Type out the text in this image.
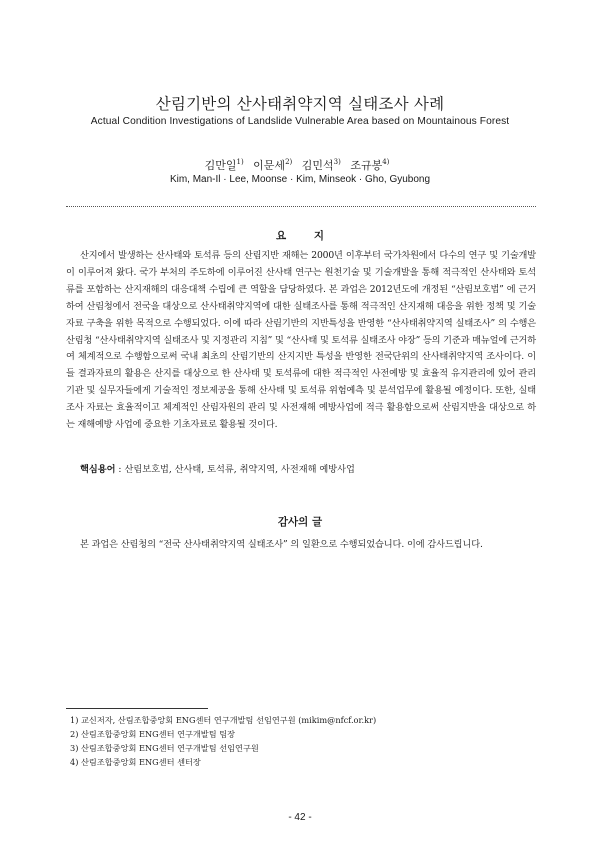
산림기반의 산사태취약지역 실태조사 사례
Actual Condition Investigations of Landslide Vulnerable Area based on Mountainous Forest
김만일$^{1)}$ 이문세$^{2)}$ 김민석$^{3)}$ 조규봉$^{4)}$
Kim, Man-Il · Lee, Moonse · Kim, Minseok · Gho, Gyubong
요 지

산지에서 발생하는 산사태와 토석류 등의 산림지반 재해는 2000년 이후부터 국가차원에서 다수의 연구 및 기술개발이 이루어져 왔다. 국가 부처의 주도하에 이루어진 산사태 연구는 원천기술 및 기술개발을 통해 적극적인 산사태와 토석류를 포함하는 산지재해의 대응대책 수립에 큰 역할을 담당하였다. 본 과업은 2012년도에 개정된 “산림보호법” 에 근거하여 산림청에서 전국을 대상으로 산사태취약지역에 대한 실태조사를 통해 적극적인 산지재해 대응을 위한 정책 및 기술자료 구축을 위한 목적으로 수행되었다. 이에 따라 산림기반의 지반특성을 반영한 “산사태취약지역 실태조사” 의 수행은 산림청 “산사태취약지역 실태조사 및 지정관리 지침” 및 “산사태 및 토석류 실태조사 야장” 등의 기준과 매뉴얼에 근거하여 체계적으로 수행함으로써 국내 최초의 산림기반의 산지지반 특성을 반영한 전국단위의 산사태취약지역 조사이다. 이들 결과자료의 활용은 산지를 대상으로 한 산사태 및 토석류에 대한 적극적인 사전예방 및 효율적 유지관리에 있어 관리기관 및 실무자들에게 기술적인 정보제공을 통해 산사태 및 토석류 위험예측 및 분석업무에 활용될 예정이다. 또한, 실태조사 자료는 효율적이고 체계적인 산림자원의 관리 및 사전재해 예방사업에 적극 활용함으로써 산림지반을 대상으로 하는 재해예방 사업에 중요한 기초자료로 활용될 것이다.

핵심용어 : 산림보호법, 산사태, 토석류, 취약지역, 사전재해 예방사업
감사의 글
본 과업은 산림청의 “전국 산사태취약지역 실태조사” 의 일환으로 수행되었습니다. 이에 감사드립니다.
1) 교신저자, 산림조합중앙회 ENG센터 연구개발팀 선임연구원 (mikim@nfcf.or.kr)
2) 산림조합중앙회 ENG센터 연구개발팀 팀장
3) 산림조합중앙회 ENG센터 연구개발팀 선임연구원
4) 산림조합중앙회 ENG센터 센터장
- 42 -
